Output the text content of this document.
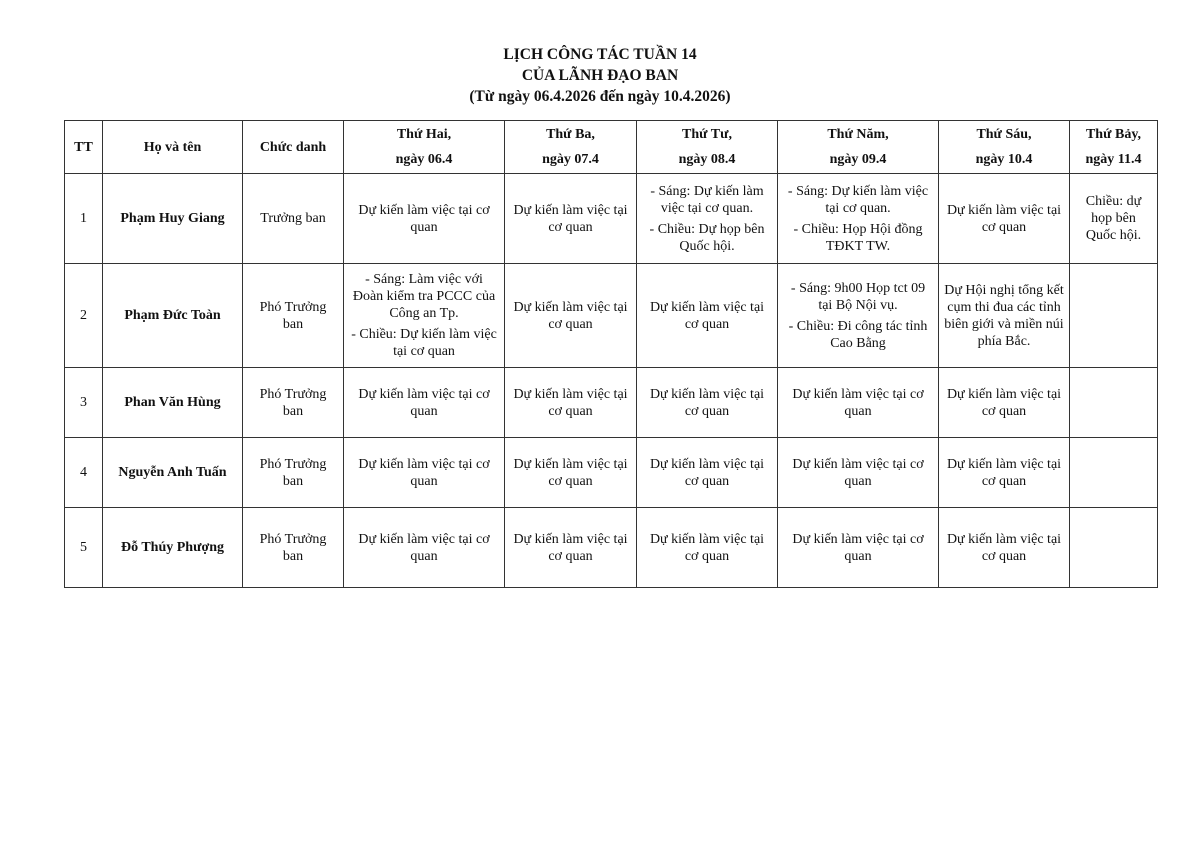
LỊCH CÔNG TÁC TUẦN 14
CỦA LÃNH ĐẠO BAN
(Từ ngày 06.4.2026 đến ngày 10.4.2026)
TT	Họ và tên	Chức danh	Thứ Hai,
ngày 06.4	Thứ Ba,
ngày 07.4	Thứ Tư,
ngày 08.4	Thứ Năm,
ngày 09.4	Thứ Sáu,
ngày 10.4	Thứ Bảy,
ngày 11.4

1	Phạm Huy Giang	Trưởng ban	Dự kiến làm việc tại cơ quan	Dự kiến làm việc tại cơ quan	- Sáng: Dự kiến làm việc tại cơ quan.
- Chiều: Dự họp bên Quốc hội.	- Sáng: Dự kiến làm việc tại cơ quan.
- Chiều: Họp Hội đồng TĐKT TW.	Dự kiến làm việc tại cơ quan	Chiều: dự họp bên Quốc hội.

2	Phạm Đức Toàn	Phó Trưởng ban	- Sáng: Làm việc với Đoàn kiểm tra PCCC của Công an Tp.
- Chiều: Dự kiến làm việc tại cơ quan	Dự kiến làm việc tại cơ quan	Dự kiến làm việc tại cơ quan	- Sáng: 9h00 Họp tct 09 tại Bộ Nội vụ.
- Chiều: Đi công tác tỉnh Cao Bằng	Dự Hội nghị tổng kết cụm thi đua các tỉnh biên giới và miền núi phía Bắc.	

3	Phan Văn Hùng	Phó Trưởng ban	Dự kiến làm việc tại cơ quan	Dự kiến làm việc tại cơ quan	Dự kiến làm việc tại cơ quan	Dự kiến làm việc tại cơ quan	Dự kiến làm việc tại cơ quan	

4	Nguyễn Anh Tuấn	Phó Trưởng ban	Dự kiến làm việc tại cơ quan	Dự kiến làm việc tại cơ quan	Dự kiến làm việc tại cơ quan	Dự kiến làm việc tại cơ quan	Dự kiến làm việc tại cơ quan	

5	Đỗ Thúy Phượng	Phó Trưởng ban	Dự kiến làm việc tại cơ quan	Dự kiến làm việc tại cơ quan	Dự kiến làm việc tại cơ quan	Dự kiến làm việc tại cơ quan	Dự kiến làm việc tại cơ quan	
